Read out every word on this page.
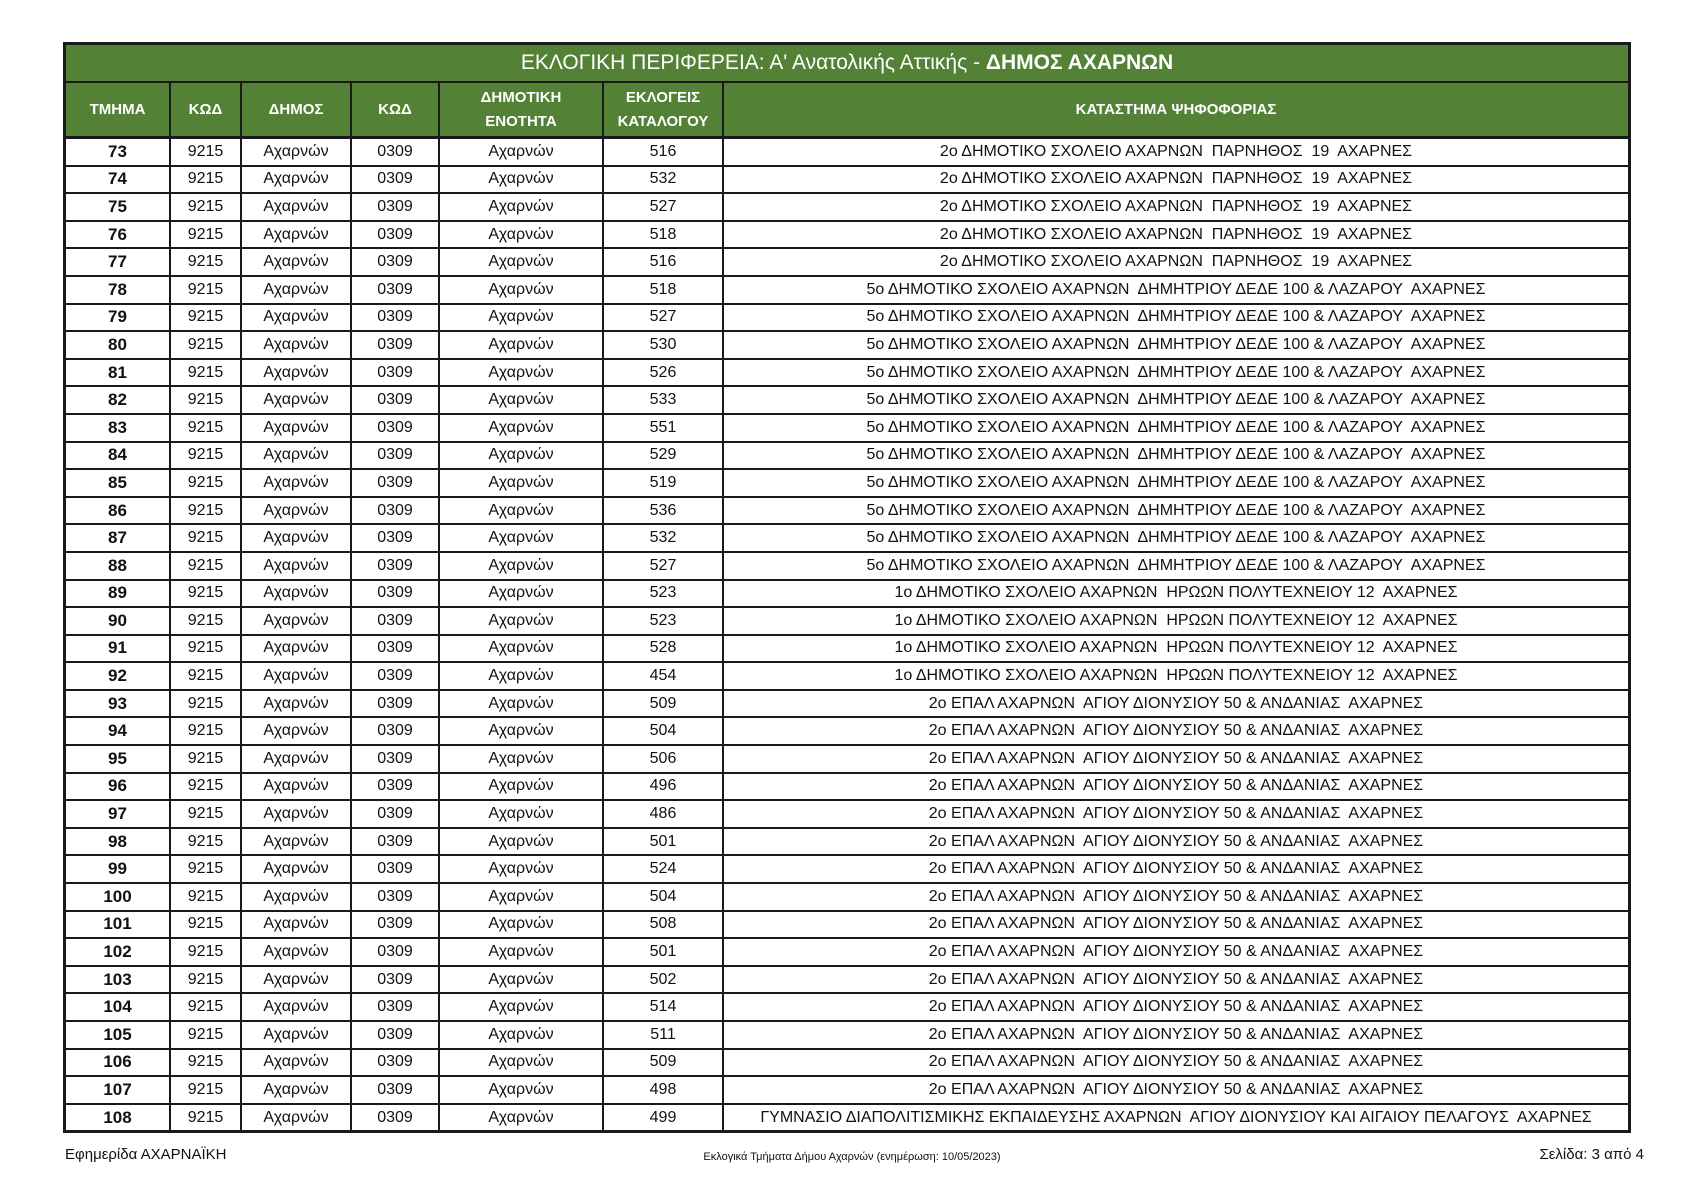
ΕΚΛΟΓΙΚΗ ΠΕΡΙΦΕΡΕΙΑ: Α' Ανατολικής Αττικής - ΔΗΜΟΣ ΑΧΑΡΝΩΝ						
ΤΜΗΜΑ	ΚΩΔ	ΔΗΜΟΣ	ΚΩΔ	ΔΗΜΟΤΙΚΗ ΕΝΟΤΗΤΑ	ΕΚΛΟΓΕΙΣ ΚΑΤΑΛΟΓΟΥ	ΚΑΤΑΣΤΗΜΑ ΨΗΦΟΦΟΡΙΑΣ
73	9215	Αχαρνών	0309	Αχαρνών	516	2ο ΔΗΜΟΤΙΚΟ ΣΧΟΛΕΙΟ ΑΧΑΡΝΩΝ  ΠΑΡΝΗΘΟΣ  19  ΑΧΑΡΝΕΣ
74	9215	Αχαρνών	0309	Αχαρνών	532	2ο ΔΗΜΟΤΙΚΟ ΣΧΟΛΕΙΟ ΑΧΑΡΝΩΝ  ΠΑΡΝΗΘΟΣ  19  ΑΧΑΡΝΕΣ
75	9215	Αχαρνών	0309	Αχαρνών	527	2ο ΔΗΜΟΤΙΚΟ ΣΧΟΛΕΙΟ ΑΧΑΡΝΩΝ  ΠΑΡΝΗΘΟΣ  19  ΑΧΑΡΝΕΣ
76	9215	Αχαρνών	0309	Αχαρνών	518	2ο ΔΗΜΟΤΙΚΟ ΣΧΟΛΕΙΟ ΑΧΑΡΝΩΝ  ΠΑΡΝΗΘΟΣ  19  ΑΧΑΡΝΕΣ
77	9215	Αχαρνών	0309	Αχαρνών	516	2ο ΔΗΜΟΤΙΚΟ ΣΧΟΛΕΙΟ ΑΧΑΡΝΩΝ  ΠΑΡΝΗΘΟΣ  19  ΑΧΑΡΝΕΣ
78	9215	Αχαρνών	0309	Αχαρνών	518	5ο ΔΗΜΟΤΙΚΟ ΣΧΟΛΕΙΟ ΑΧΑΡΝΩΝ  ΔΗΜΗΤΡΙΟΥ ΔΕΔΕ 100 & ΛΑΖΑΡΟΥ  ΑΧΑΡΝΕΣ
79	9215	Αχαρνών	0309	Αχαρνών	527	5ο ΔΗΜΟΤΙΚΟ ΣΧΟΛΕΙΟ ΑΧΑΡΝΩΝ  ΔΗΜΗΤΡΙΟΥ ΔΕΔΕ 100 & ΛΑΖΑΡΟΥ  ΑΧΑΡΝΕΣ
80	9215	Αχαρνών	0309	Αχαρνών	530	5ο ΔΗΜΟΤΙΚΟ ΣΧΟΛΕΙΟ ΑΧΑΡΝΩΝ  ΔΗΜΗΤΡΙΟΥ ΔΕΔΕ 100 & ΛΑΖΑΡΟΥ  ΑΧΑΡΝΕΣ
81	9215	Αχαρνών	0309	Αχαρνών	526	5ο ΔΗΜΟΤΙΚΟ ΣΧΟΛΕΙΟ ΑΧΑΡΝΩΝ  ΔΗΜΗΤΡΙΟΥ ΔΕΔΕ 100 & ΛΑΖΑΡΟΥ  ΑΧΑΡΝΕΣ
82	9215	Αχαρνών	0309	Αχαρνών	533	5ο ΔΗΜΟΤΙΚΟ ΣΧΟΛΕΙΟ ΑΧΑΡΝΩΝ  ΔΗΜΗΤΡΙΟΥ ΔΕΔΕ 100 & ΛΑΖΑΡΟΥ  ΑΧΑΡΝΕΣ
83	9215	Αχαρνών	0309	Αχαρνών	551	5ο ΔΗΜΟΤΙΚΟ ΣΧΟΛΕΙΟ ΑΧΑΡΝΩΝ  ΔΗΜΗΤΡΙΟΥ ΔΕΔΕ 100 & ΛΑΖΑΡΟΥ  ΑΧΑΡΝΕΣ
84	9215	Αχαρνών	0309	Αχαρνών	529	5ο ΔΗΜΟΤΙΚΟ ΣΧΟΛΕΙΟ ΑΧΑΡΝΩΝ  ΔΗΜΗΤΡΙΟΥ ΔΕΔΕ 100 & ΛΑΖΑΡΟΥ  ΑΧΑΡΝΕΣ
85	9215	Αχαρνών	0309	Αχαρνών	519	5ο ΔΗΜΟΤΙΚΟ ΣΧΟΛΕΙΟ ΑΧΑΡΝΩΝ  ΔΗΜΗΤΡΙΟΥ ΔΕΔΕ 100 & ΛΑΖΑΡΟΥ  ΑΧΑΡΝΕΣ
86	9215	Αχαρνών	0309	Αχαρνών	536	5ο ΔΗΜΟΤΙΚΟ ΣΧΟΛΕΙΟ ΑΧΑΡΝΩΝ  ΔΗΜΗΤΡΙΟΥ ΔΕΔΕ 100 & ΛΑΖΑΡΟΥ  ΑΧΑΡΝΕΣ
87	9215	Αχαρνών	0309	Αχαρνών	532	5ο ΔΗΜΟΤΙΚΟ ΣΧΟΛΕΙΟ ΑΧΑΡΝΩΝ  ΔΗΜΗΤΡΙΟΥ ΔΕΔΕ 100 & ΛΑΖΑΡΟΥ  ΑΧΑΡΝΕΣ
88	9215	Αχαρνών	0309	Αχαρνών	527	5ο ΔΗΜΟΤΙΚΟ ΣΧΟΛΕΙΟ ΑΧΑΡΝΩΝ  ΔΗΜΗΤΡΙΟΥ ΔΕΔΕ 100 & ΛΑΖΑΡΟΥ  ΑΧΑΡΝΕΣ
89	9215	Αχαρνών	0309	Αχαρνών	523	1ο ΔΗΜΟΤΙΚΟ ΣΧΟΛΕΙΟ ΑΧΑΡΝΩΝ  ΗΡΩΩΝ ΠΟΛΥΤΕΧΝΕΙΟΥ 12  ΑΧΑΡΝΕΣ
90	9215	Αχαρνών	0309	Αχαρνών	523	1ο ΔΗΜΟΤΙΚΟ ΣΧΟΛΕΙΟ ΑΧΑΡΝΩΝ  ΗΡΩΩΝ ΠΟΛΥΤΕΧΝΕΙΟΥ 12  ΑΧΑΡΝΕΣ
91	9215	Αχαρνών	0309	Αχαρνών	528	1ο ΔΗΜΟΤΙΚΟ ΣΧΟΛΕΙΟ ΑΧΑΡΝΩΝ  ΗΡΩΩΝ ΠΟΛΥΤΕΧΝΕΙΟΥ 12  ΑΧΑΡΝΕΣ
92	9215	Αχαρνών	0309	Αχαρνών	454	1ο ΔΗΜΟΤΙΚΟ ΣΧΟΛΕΙΟ ΑΧΑΡΝΩΝ  ΗΡΩΩΝ ΠΟΛΥΤΕΧΝΕΙΟΥ 12  ΑΧΑΡΝΕΣ
93	9215	Αχαρνών	0309	Αχαρνών	509	2ο ΕΠΑΛ ΑΧΑΡΝΩΝ  ΑΓΙΟΥ ΔΙΟΝΥΣΙΟΥ 50 & ΑΝΔΑΝΙΑΣ  ΑΧΑΡΝΕΣ
94	9215	Αχαρνών	0309	Αχαρνών	504	2ο ΕΠΑΛ ΑΧΑΡΝΩΝ  ΑΓΙΟΥ ΔΙΟΝΥΣΙΟΥ 50 & ΑΝΔΑΝΙΑΣ  ΑΧΑΡΝΕΣ
95	9215	Αχαρνών	0309	Αχαρνών	506	2ο ΕΠΑΛ ΑΧΑΡΝΩΝ  ΑΓΙΟΥ ΔΙΟΝΥΣΙΟΥ 50 & ΑΝΔΑΝΙΑΣ  ΑΧΑΡΝΕΣ
96	9215	Αχαρνών	0309	Αχαρνών	496	2ο ΕΠΑΛ ΑΧΑΡΝΩΝ  ΑΓΙΟΥ ΔΙΟΝΥΣΙΟΥ 50 & ΑΝΔΑΝΙΑΣ  ΑΧΑΡΝΕΣ
97	9215	Αχαρνών	0309	Αχαρνών	486	2ο ΕΠΑΛ ΑΧΑΡΝΩΝ  ΑΓΙΟΥ ΔΙΟΝΥΣΙΟΥ 50 & ΑΝΔΑΝΙΑΣ  ΑΧΑΡΝΕΣ
98	9215	Αχαρνών	0309	Αχαρνών	501	2ο ΕΠΑΛ ΑΧΑΡΝΩΝ  ΑΓΙΟΥ ΔΙΟΝΥΣΙΟΥ 50 & ΑΝΔΑΝΙΑΣ  ΑΧΑΡΝΕΣ
99	9215	Αχαρνών	0309	Αχαρνών	524	2ο ΕΠΑΛ ΑΧΑΡΝΩΝ  ΑΓΙΟΥ ΔΙΟΝΥΣΙΟΥ 50 & ΑΝΔΑΝΙΑΣ  ΑΧΑΡΝΕΣ
100	9215	Αχαρνών	0309	Αχαρνών	504	2ο ΕΠΑΛ ΑΧΑΡΝΩΝ  ΑΓΙΟΥ ΔΙΟΝΥΣΙΟΥ 50 & ΑΝΔΑΝΙΑΣ  ΑΧΑΡΝΕΣ
101	9215	Αχαρνών	0309	Αχαρνών	508	2ο ΕΠΑΛ ΑΧΑΡΝΩΝ  ΑΓΙΟΥ ΔΙΟΝΥΣΙΟΥ 50 & ΑΝΔΑΝΙΑΣ  ΑΧΑΡΝΕΣ
102	9215	Αχαρνών	0309	Αχαρνών	501	2ο ΕΠΑΛ ΑΧΑΡΝΩΝ  ΑΓΙΟΥ ΔΙΟΝΥΣΙΟΥ 50 & ΑΝΔΑΝΙΑΣ  ΑΧΑΡΝΕΣ
103	9215	Αχαρνών	0309	Αχαρνών	502	2ο ΕΠΑΛ ΑΧΑΡΝΩΝ  ΑΓΙΟΥ ΔΙΟΝΥΣΙΟΥ 50 & ΑΝΔΑΝΙΑΣ  ΑΧΑΡΝΕΣ
104	9215	Αχαρνών	0309	Αχαρνών	514	2ο ΕΠΑΛ ΑΧΑΡΝΩΝ  ΑΓΙΟΥ ΔΙΟΝΥΣΙΟΥ 50 & ΑΝΔΑΝΙΑΣ  ΑΧΑΡΝΕΣ
105	9215	Αχαρνών	0309	Αχαρνών	511	2ο ΕΠΑΛ ΑΧΑΡΝΩΝ  ΑΓΙΟΥ ΔΙΟΝΥΣΙΟΥ 50 & ΑΝΔΑΝΙΑΣ  ΑΧΑΡΝΕΣ
106	9215	Αχαρνών	0309	Αχαρνών	509	2ο ΕΠΑΛ ΑΧΑΡΝΩΝ  ΑΓΙΟΥ ΔΙΟΝΥΣΙΟΥ 50 & ΑΝΔΑΝΙΑΣ  ΑΧΑΡΝΕΣ
107	9215	Αχαρνών	0309	Αχαρνών	498	2ο ΕΠΑΛ ΑΧΑΡΝΩΝ  ΑΓΙΟΥ ΔΙΟΝΥΣΙΟΥ 50 & ΑΝΔΑΝΙΑΣ  ΑΧΑΡΝΕΣ
108	9215	Αχαρνών	0309	Αχαρνών	499	ΓΥΜΝΑΣΙΟ ΔΙΑΠΟΛΙΤΙΣΜΙΚΗΣ ΕΚΠΑΙΔΕΥΣΗΣ ΑΧΑΡΝΩΝ  ΑΓΙΟΥ ΔΙΟΝΥΣΙΟΥ ΚΑΙ ΑΙΓΑΙΟΥ ΠΕΛΑΓΟΥΣ  ΑΧΑΡΝΕΣ
Εφημερίδα ΑΧΑΡΝΑΪΚΗ	Εκλογικά Τμήματα Δήμου Αχαρνών (ενημέρωση: 10/05/2023)	Σελίδα: 3 από 4
